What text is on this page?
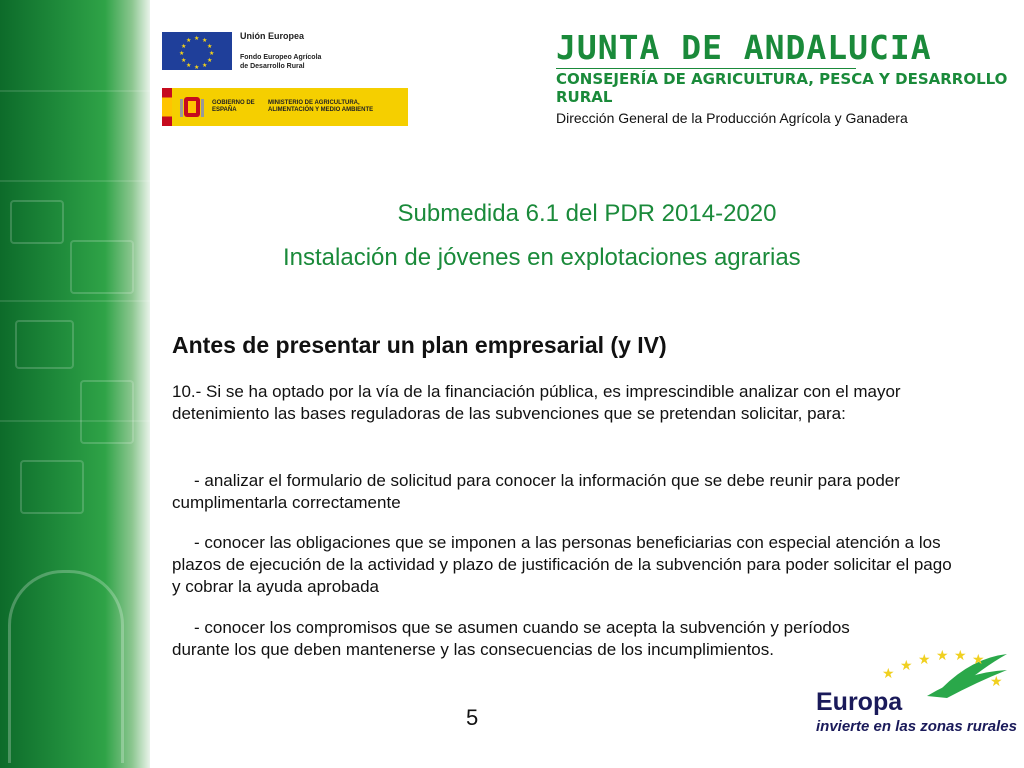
★ ★
★
★
★
★
★
★
★
★
★
★	Unión Europea
Fondo Europeo Agrícola
de Desarrollo Rural
GOBIERNO DE ESPAÑA
MINISTERIO DE AGRICULTURA, ALIMENTACIÓN Y MEDIO AMBIENTE
JUNTA DE ANDALUCIA
CONSEJERÍA DE AGRICULTURA, PESCA Y DESARROLLO RURAL
Dirección General de la Producción Agrícola y Ganadera
Submedida 6.1 del PDR 2014-2020
Instalación de jóvenes en explotaciones agrarias
Antes de presentar un plan empresarial (y IV)
10.- Si se ha optado por la vía de la financiación pública, es imprescindible analizar con el mayor detenimiento las bases reguladoras de las subvenciones que se pretendan solicitar, para:
- analizar el formulario de solicitud para conocer la información que se debe reunir para poder cumplimentarla correctamente
- conocer las obligaciones que se imponen a las personas beneficiarias con especial atención a los plazos de ejecución de la actividad y plazo de justificación de la subvención para poder solicitar el pago y cobrar la ayuda aprobada
- conocer los compromisos que se asumen cuando se acepta la subvención y períodos durante los que deben mantenerse y las consecuencias de los incumplimientos.
5
★ ★ ★ ★ ★ ★
★
Europa
invierte en las zonas rurales
